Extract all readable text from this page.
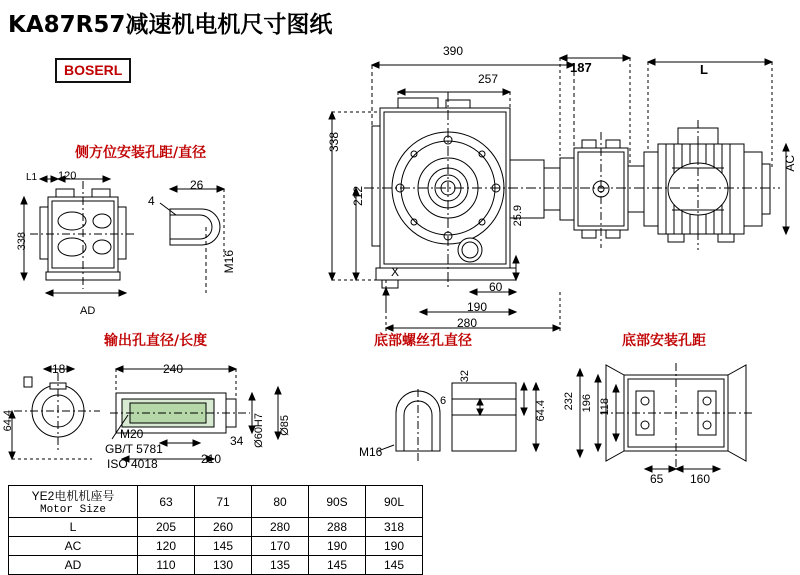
KA87R57减速机电机尺寸图纸
BOSERL
390
257
187	L
338
212
25.9
AC
X
60
190
280
侧方位安装孔距/直径
L1 120
26
4
338
M16
AD
输出孔直径/长度
18	240
64.4
210
34
M20
GB/T 5781
ISO 4018
Ø60H7 Ø85
底部螺丝孔直径
32
6	64.4
M16
底部安装孔距
232 196 118
65 160
YE2电机机座号
Motor Size	63	71	80	90S	90L
L	205	260	280	288	318
AC	120	145	170	190	190
AD	110	130	135	145	145
